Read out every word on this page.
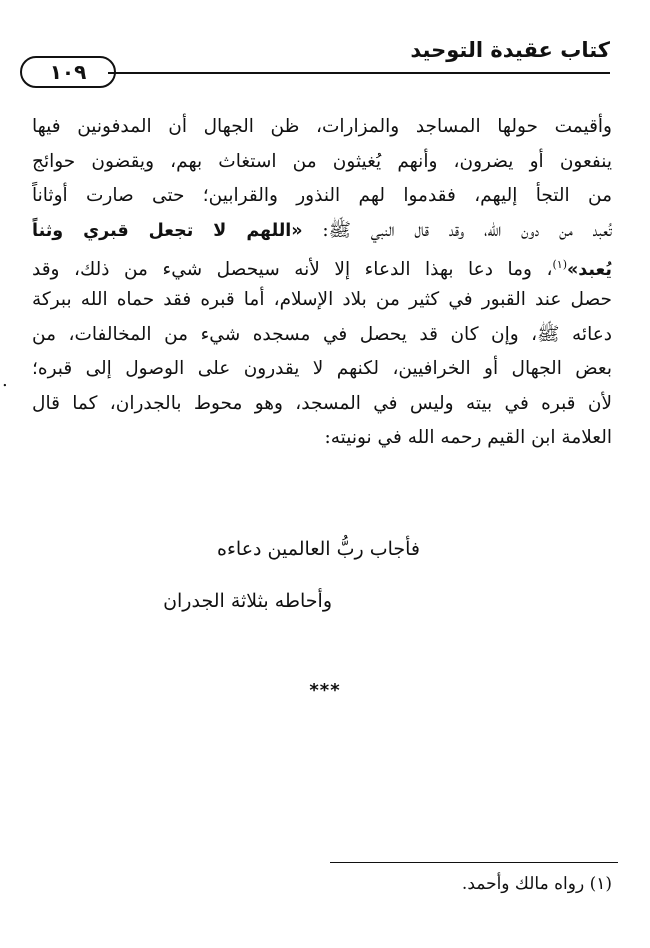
كتاب عقيدة التوحيد
١٠٩
وأقيمت حولها المساجد والمزارات، ظن الجهال أن المدفونين فيها
ينفعون أو يضرون، وأنهم يُغيثون من استغاث بهم، ويقضون حوائج
من التجأ إليهم، فقدموا لهم النذور والقرابين؛ حتى صارت أوثاناً
تُعبد من دون الله، وقد قال النبي ﷺ: «اللهم لا تجعل قبري وثناً
يُعبد»$^{(١)}$، وما دعا بهذا الدعاء إلا لأنه سيحصل شيء من ذلك، وقد
حصل عند القبور في كثير من بلاد الإسلام، أما قبره فقد حماه الله ببركة
دعائه ﷺ، وإن كان قد يحصل في مسجده شيء من المخالفات، من
بعض الجهال أو الخرافيين، لكنهم لا يقدرون على الوصول إلى قبره؛
لأن قبره في بيته وليس في المسجد، وهو محوط بالجدران، كما قال
العلامة ابن القيم رحمه الله في نونيته:
.
فأجاب ربُّ العالمين دعاءه
وأحاطه بثلاثة الجدران
***
(١) رواه مالك وأحمد.
